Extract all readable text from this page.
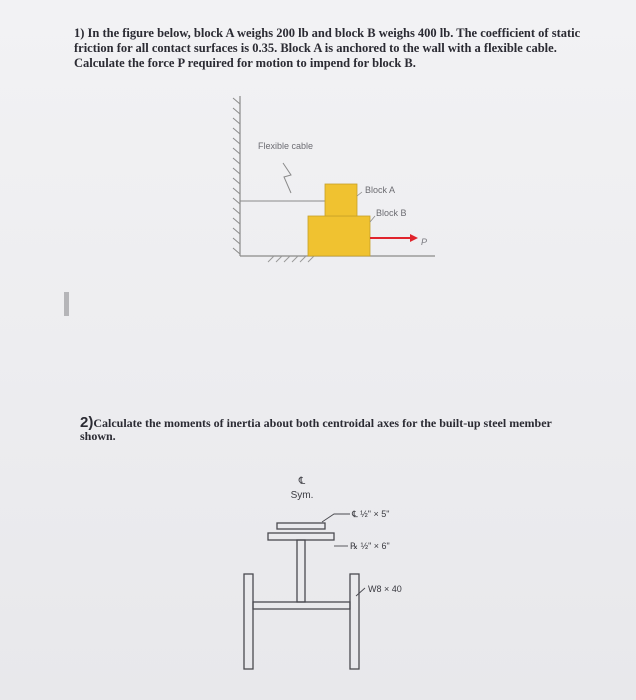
1) In the figure below, block A weighs 200 lb and block B weighs 400 lb. The coefficient of static friction for all contact surfaces is 0.35. Block A is anchored to the wall with a flexible cable. Calculate the force P required for motion to impend for block B.
Flexible cable
Block A
Block B
P
2)Calculate the moments of inertia about both centroidal axes for the built-up steel member shown.
℄
Sym.
℄ ½" × 5"
℞ ½" × 6"
W8 × 40
